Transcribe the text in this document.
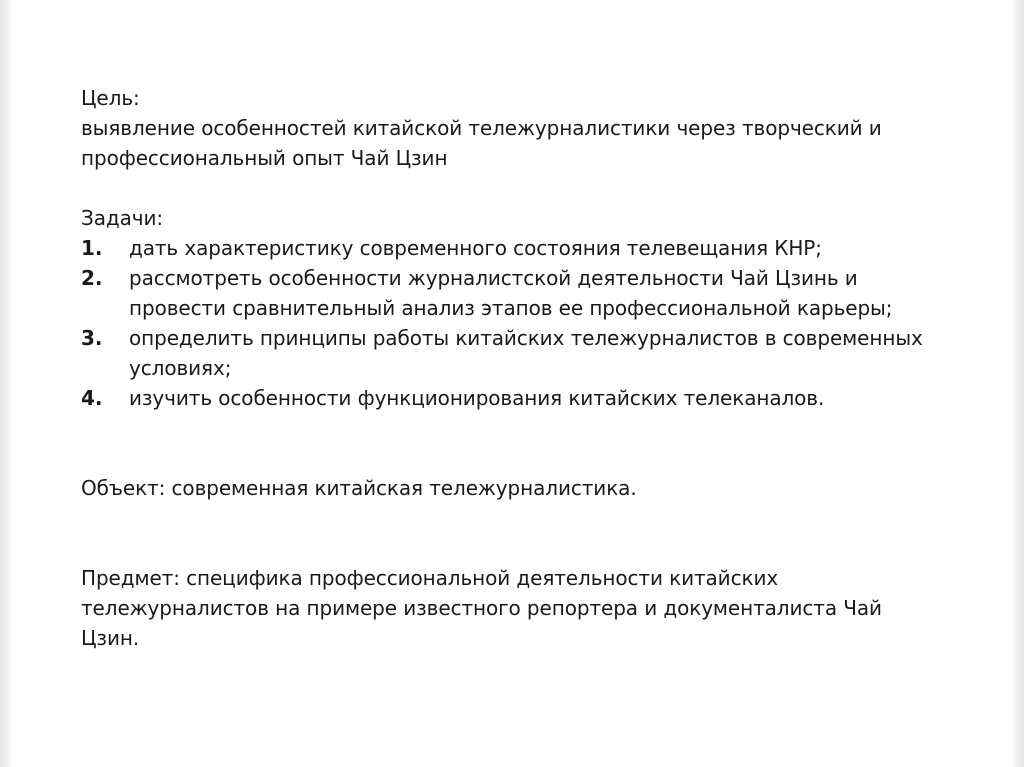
Цель:

выявление особенностей китайской тележурналистики через творческий и

профессиональный опыт Чай Цзин

Задачи:

1.	дать характеристику современного состояния телевещания КНР;
2.	рассмотреть особенности журналистской деятельности Чай Цзинь и
провести сравнительный анализ этапов ее профессиональной карьеры;
3.	определить принципы работы китайских тележурналистов в современных
условиях;
4.	изучить особенности функционирования китайских телеканалов.

Объект: современная китайская тележурналистика.

Предмет: специфика профессиональной деятельности китайских

тележурналистов на примере известного репортера и документалиста Чай

Цзин.
